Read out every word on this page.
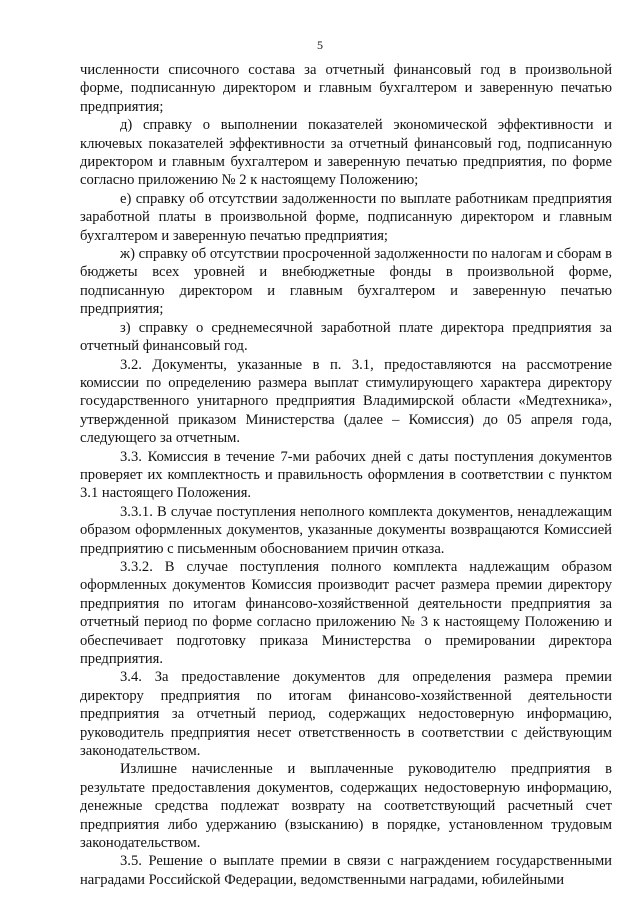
5

численности списочного состава за отчетный финансовый год в произвольной форме, подписанную директором и главным бухгалтером и заверенную печатью предприятия;

д) справку о выполнении показателей экономической эффективности и ключевых показателей эффективности за отчетный финансовый год, подписанную директором и главным бухгалтером и заверенную печатью предприятия, по форме согласно приложению № 2 к настоящему Положению;

е) справку об отсутствии задолженности по выплате работникам предприятия заработной платы в произвольной форме, подписанную директором и главным бухгалтером и заверенную печатью предприятия;

ж) справку об отсутствии просроченной задолженности по налогам и сборам в бюджеты всех уровней и внебюджетные фонды в произвольной форме, подписанную директором и главным бухгалтером и заверенную печатью предприятия;

з) справку о среднемесячной заработной плате директора предприятия за отчетный финансовый год.

3.2. Документы, указанные в п. 3.1, предоставляются на рассмотрение комиссии по определению размера выплат стимулирующего характера директору государственного унитарного предприятия Владимирской области «Медтехника», утвержденной приказом Министерства (далее – Комиссия) до 05 апреля года, следующего за отчетным.

3.3. Комиссия в течение 7-ми рабочих дней с даты поступления документов проверяет их комплектность и правильность оформления в соответствии с пунктом 3.1 настоящего Положения.

3.3.1. В случае поступления неполного комплекта документов, ненадлежащим образом оформленных документов, указанные документы возвращаются Комиссией предприятию с письменным обоснованием причин отказа.

3.3.2. В случае поступления полного комплекта надлежащим образом оформленных документов Комиссия производит расчет размера премии директору предприятия по итогам финансово-хозяйственной деятельности предприятия за отчетный период по форме согласно приложению № 3 к настоящему Положению и обеспечивает подготовку приказа Министерства о премировании директора предприятия.

3.4. За предоставление документов для определения размера премии директору предприятия по итогам финансово-хозяйственной деятельности предприятия за отчетный период, содержащих недостоверную информацию, руководитель предприятия несет ответственность в соответствии с действующим законодательством.

Излишне начисленные и выплаченные руководителю предприятия в результате предоставления документов, содержащих недостоверную информацию, денежные средства подлежат возврату на соответствующий расчетный счет предприятия либо удержанию (взысканию) в порядке, установленном трудовым законодательством.

3.5. Решение о выплате премии в связи с награждением государственными наградами Российской Федерации, ведомственными наградами, юбилейными
